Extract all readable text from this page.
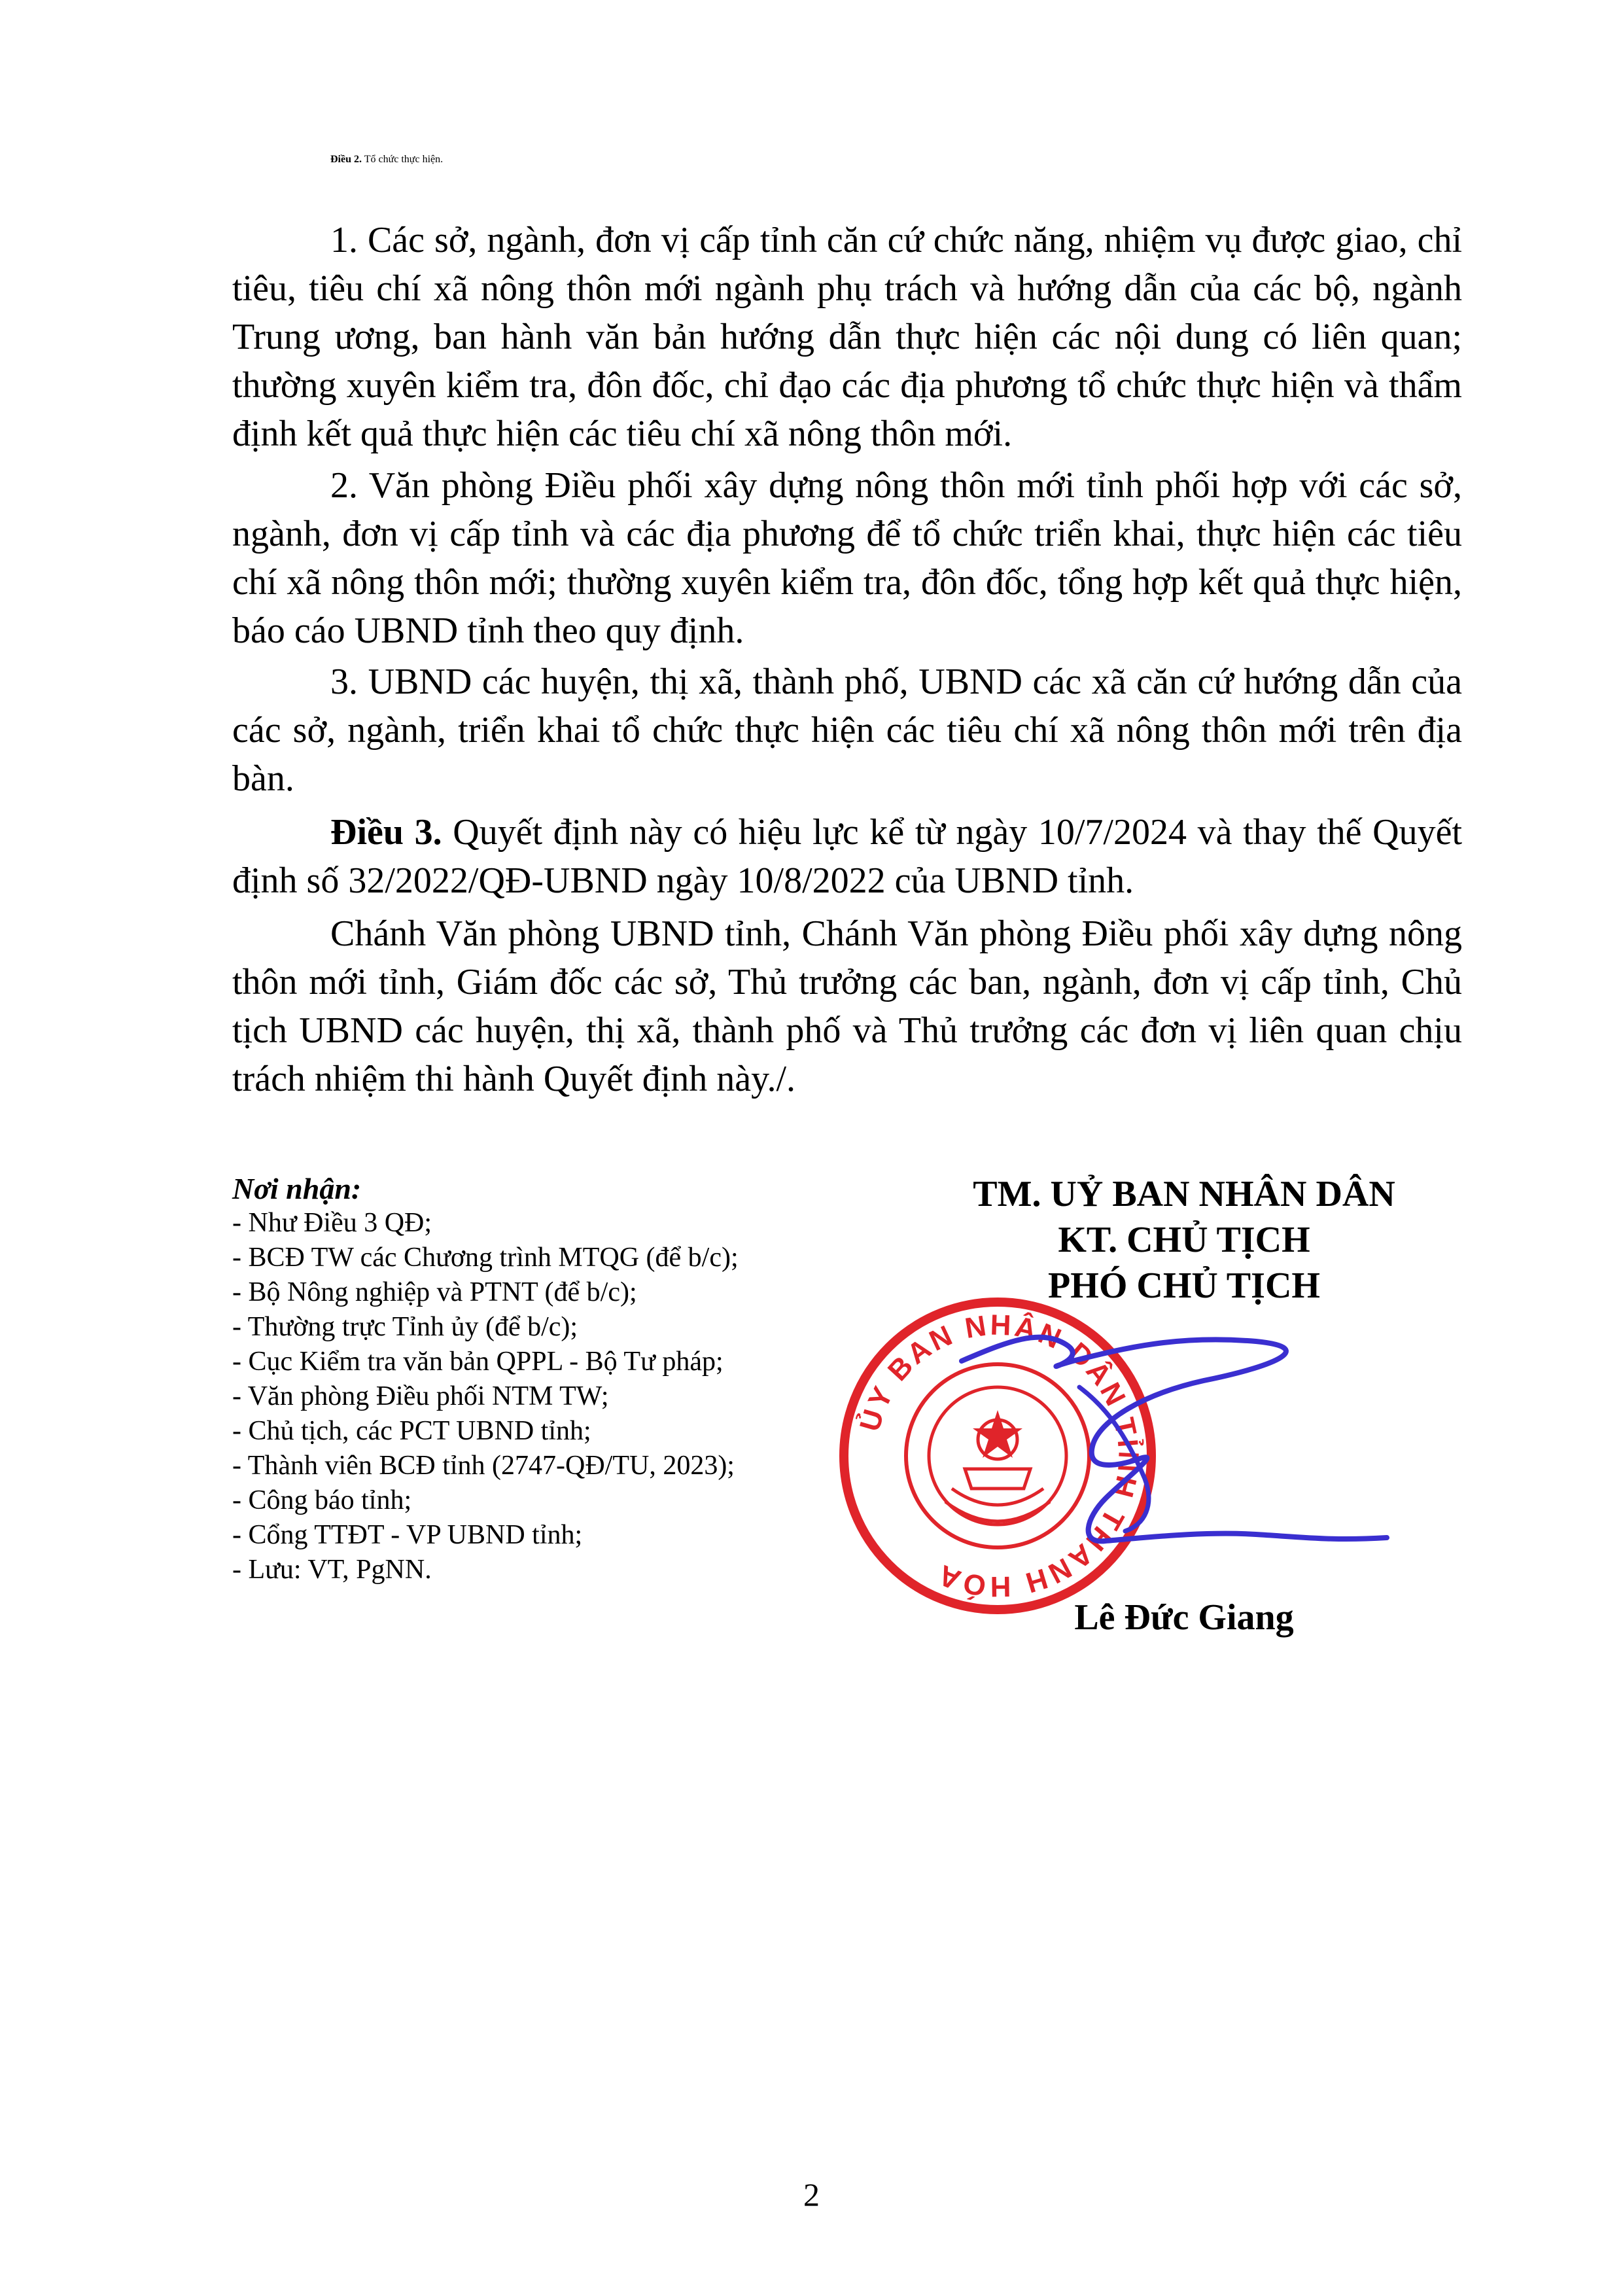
Điều 2. Tổ chức thực hiện.

1. Các sở, ngành, đơn vị cấp tỉnh căn cứ chức năng, nhiệm vụ được giao, chỉ tiêu, tiêu chí xã nông thôn mới ngành phụ trách và hướng dẫn của các bộ, ngành Trung ương, ban hành văn bản hướng dẫn thực hiện các nội dung có liên quan; thường xuyên kiểm tra, đôn đốc, chỉ đạo các địa phương tổ chức thực hiện và thẩm định kết quả thực hiện các tiêu chí xã nông thôn mới.

2. Văn phòng Điều phối xây dựng nông thôn mới tỉnh phối hợp với các sở, ngành, đơn vị cấp tỉnh và các địa phương để tổ chức triển khai, thực hiện các tiêu chí xã nông thôn mới; thường xuyên kiểm tra, đôn đốc, tổng hợp kết quả thực hiện, báo cáo UBND tỉnh theo quy định.

3. UBND các huyện, thị xã, thành phố, UBND các xã căn cứ hướng dẫn của các sở, ngành, triển khai tổ chức thực hiện các tiêu chí xã nông thôn mới trên địa bàn.

Điều 3. Quyết định này có hiệu lực kể từ ngày 10/7/2024 và thay thế Quyết định số 32/2022/QĐ-UBND ngày 10/8/2022 của UBND tỉnh.

Chánh Văn phòng UBND tỉnh, Chánh Văn phòng Điều phối xây dựng nông thôn mới tỉnh, Giám đốc các sở, Thủ trưởng các ban, ngành, đơn vị cấp tỉnh, Chủ tịch UBND các huyện, thị xã, thành phố và Thủ trưởng các đơn vị liên quan chịu trách nhiệm thi hành Quyết định này./.

Nơi nhận:
- Như Điều 3 QĐ;
- BCĐ TW các Chương trình MTQG (để b/c);
- Bộ Nông nghiệp và PTNT (để b/c);
- Thường trực Tỉnh ủy (để b/c);
- Cục Kiểm tra văn bản QPPL - Bộ Tư pháp;
- Văn phòng Điều phối NTM TW;
- Chủ tịch, các PCT UBND tỉnh;
- Thành viên BCĐ tỉnh (2747-QĐ/TU, 2023);
- Công báo tỉnh;
- Cổng TTĐT - VP UBND tỉnh;
- Lưu: VT, PgNN.
TM. UỶ BAN NHÂN DÂN
KT. CHỦ TỊCH
PHÓ CHỦ TỊCH
ỦY BAN NHÂN DÂN TỈNH THANH HÓA
Lê Đức Giang
2
